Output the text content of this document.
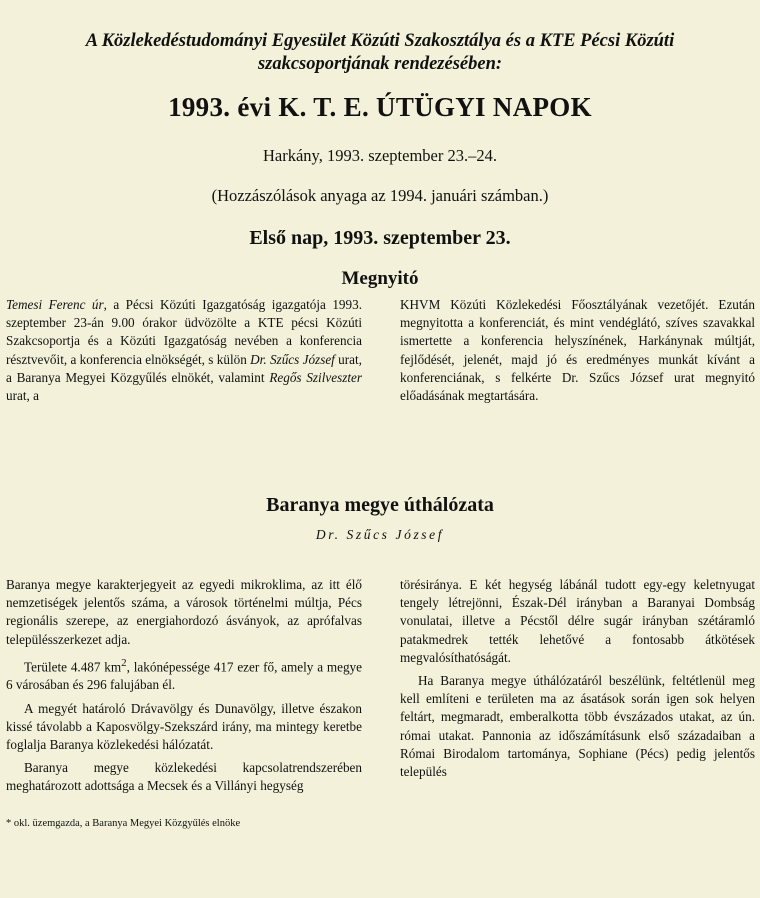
A Közlekedéstudományi Egyesület Közúti Szakosztálya és a KTE Pécsi Közúti
szakcsoportjának rendezésében:
1993. évi K. T. E. ÚTÜGYI NAPOK
Harkány, 1993. szeptember 23.–24.
(Hozzászólások anyaga az 1994. januári számban.)
Első nap, 1993. szeptember 23.
Megnyitó

Temesi Ferenc úr, a Pécsi Közúti Igazgatóság igazgatója 1993. szeptember 23-án 9.00 órakor üdvözölte a KTE pécsi Közúti Szakcsoportja és a Közúti Igazgatóság nevében a konferencia résztvevőit, a konferencia elnökségét, s külön Dr. Szűcs József urat, a Baranya Megyei Közgyűlés elnökét, valamint Regős Szilveszter urat, a

KHVM Közúti Közlekedési Főosztályának vezetőjét. Ezután megnyitotta a konferenciát, és mint vendéglátó, szíves szavakkal ismertette a konferencia helyszínének, Harkánynak múltját, fejlődését, jelenét, majd jó és eredményes munkát kívánt a konferenciának, s felkérte Dr. Szűcs József urat megnyitó előadásának megtartására.

Baranya megye úthálózata
Dr. Szűcs József

Baranya megye karakterjegyeit az egyedi mikroklima, az itt élő nemzetiségek jelentős száma, a városok történelmi múltja, Pécs regionális szerepe, az energiahordozó ásványok, az aprófalvas településszerkezet adja.

Területe 4.487 $km^2$, lakónépessége 417 ezer fő, amely a megye 6 városában és 296 falujában él.

A megyét határoló Drávavölgy és Dunavölgy, illetve északon kissé távolabb a Kaposvölgy-Szekszárd irány, ma mintegy keretbe foglalja Baranya közlekedési hálózatát.

Baranya megye közlekedési kapcsolatrendszerében meghatározott adottsága a Mecsek és a Villányi hegység

törésiránya. E két hegység lábánál tudott egy-egy keletnyugat tengely létrejönni, Észak-Dél irányban a Baranyai Dombság vonulatai, illetve a Pécstől délre sugár irányban szétáramló patakmedrek tették lehetővé a fontosabb átkötések megvalósíthatóságát.

Ha Baranya megye úthálózatáról beszélünk, feltétlenül meg kell említeni e területen ma az ásatások során igen sok helyen feltárt, megmaradt, emberalkotta több évszázados utakat, az ún. római utakat. Pannonia az időszámításunk első századaiban a Római Birodalom tartománya, Sophiane (Pécs) pedig jelentős település

* okl. üzemgazda, a Baranya Megyei Közgyűlés elnöke
